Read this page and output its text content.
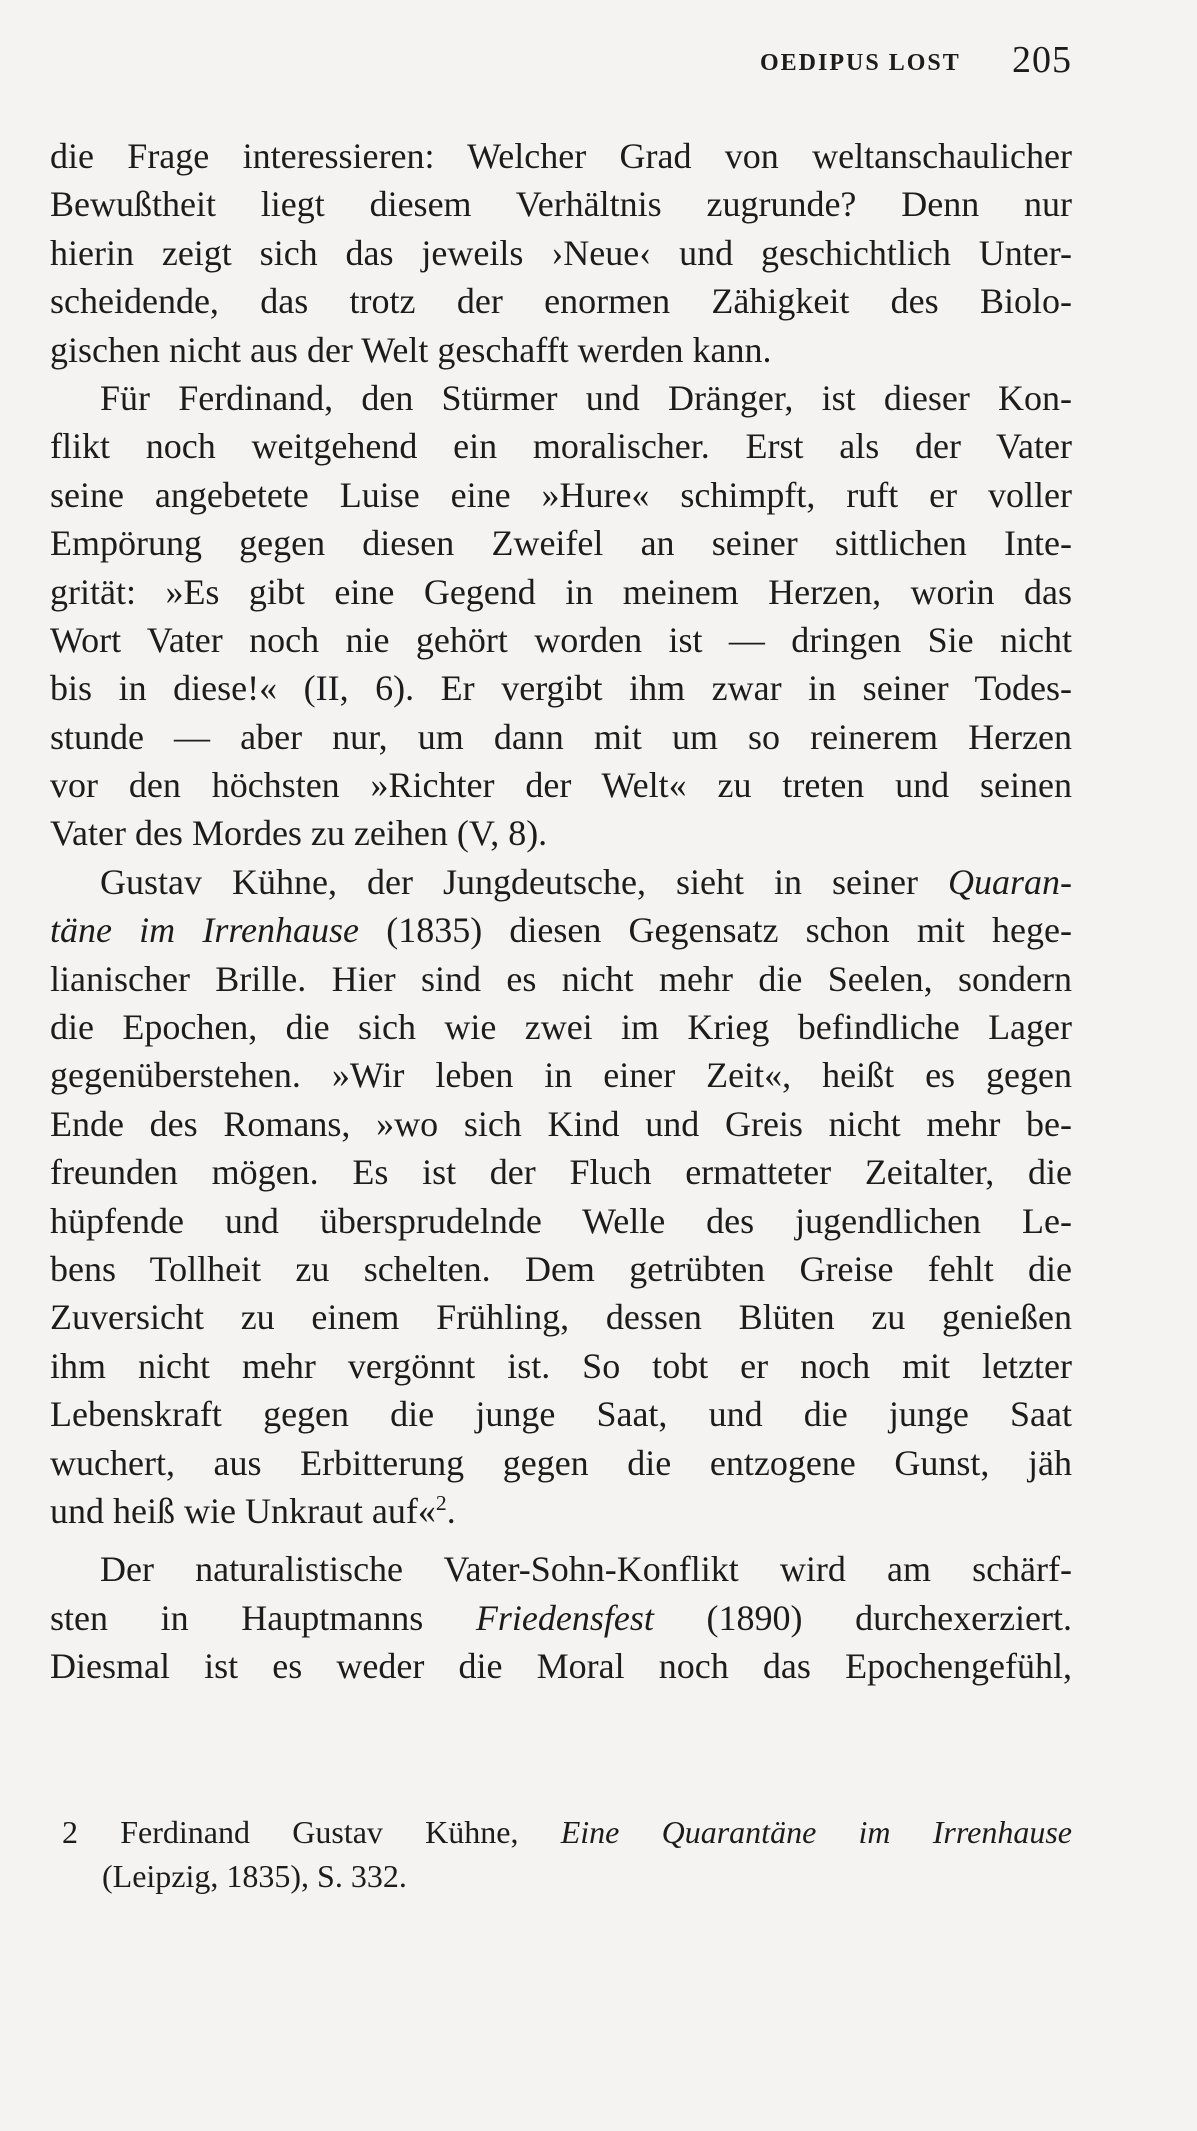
OEDIPUS LOST 205
die Frage interessieren: Welcher Grad von weltanschaulicher
Bewußtheit liegt diesem Verhältnis zugrunde? Denn nur
hierin zeigt sich das jeweils ›Neue‹ und geschichtlich Unter-
scheidende, das trotz der enormen Zähigkeit des Biolo-
gischen nicht aus der Welt geschafft werden kann.
Für Ferdinand, den Stürmer und Dränger, ist dieser Kon-
flikt noch weitgehend ein moralischer. Erst als der Vater
seine angebetete Luise eine »Hure« schimpft, ruft er voller
Empörung gegen diesen Zweifel an seiner sittlichen Inte-
grität: »Es gibt eine Gegend in meinem Herzen, worin das
Wort Vater noch nie gehört worden ist — dringen Sie nicht
bis in diese!« (II, 6). Er vergibt ihm zwar in seiner Todes-
stunde — aber nur, um dann mit um so reinerem Herzen
vor den höchsten »Richter der Welt« zu treten und seinen
Vater des Mordes zu zeihen (V, 8).
Gustav Kühne, der Jungdeutsche, sieht in seiner Quaran-
täne im Irrenhause (1835) diesen Gegensatz schon mit hege-
lianischer Brille. Hier sind es nicht mehr die Seelen, sondern
die Epochen, die sich wie zwei im Krieg befindliche Lager
gegenüberstehen. »Wir leben in einer Zeit«, heißt es gegen
Ende des Romans, »wo sich Kind und Greis nicht mehr be-
freunden mögen. Es ist der Fluch ermatteter Zeitalter, die
hüpfende und übersprudelnde Welle des jugendlichen Le-
bens Tollheit zu schelten. Dem getrübten Greise fehlt die
Zuversicht zu einem Frühling, dessen Blüten zu genießen
ihm nicht mehr vergönnt ist. So tobt er noch mit letzter
Lebenskraft gegen die junge Saat, und die junge Saat
wuchert, aus Erbitterung gegen die entzogene Gunst, jäh
und heiß wie Unkraut auf«$^2$.
Der naturalistische Vater-Sohn-Konflikt wird am schärf-
sten in Hauptmanns Friedensfest (1890) durchexerziert.
Diesmal ist es weder die Moral noch das Epochengefühl,
2 Ferdinand Gustav Kühne, Eine Quarantäne im Irrenhause
(Leipzig, 1835), S. 332.
